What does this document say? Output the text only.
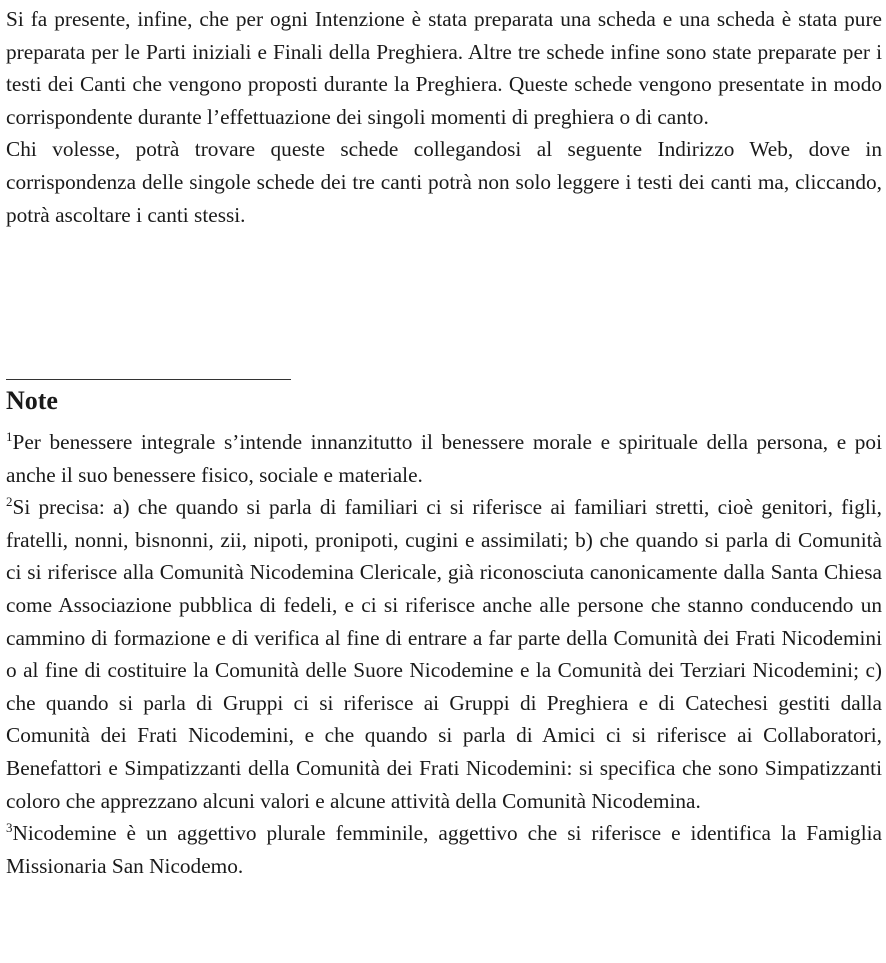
Si fa presente, infine, che per ogni Intenzione è stata preparata una scheda e una scheda è stata pure preparata per le Parti iniziali e Finali della Preghiera. Altre tre schede infine sono state preparate per i testi dei Canti che vengono proposti durante la Preghiera. Queste schede vengono presentate in modo corrispondente durante l’effettuazione dei singoli momenti di preghiera o di canto.

Chi volesse, potrà trovare queste schede collegandosi al seguente Indirizzo Web, dove in corrispondenza delle singole schede dei tre canti potrà non solo leggere i testi dei canti ma, cliccando, potrà ascoltare i canti stessi.

Note

$^1$Per benessere integrale s’intende innanzitutto il benessere morale e spirituale della persona, e poi anche il suo benessere fisico, sociale e materiale.

$^2$Si precisa: a) che quando si parla di familiari ci si riferisce ai familiari stretti, cioè genitori, figli, fratelli, nonni, bisnonni, zii, nipoti, pronipoti, cugini e assimilati; b) che quando si parla di Comunità ci si riferisce alla Comunità Nicodemina Clericale, già riconosciuta canonicamente dalla Santa Chiesa come Associazione pubblica di fedeli, e ci si riferisce anche alle persone che stanno conducendo un cammino di formazione e di verifica al fine di entrare a far parte della Comunità dei Frati Nicodemini o al fine di costituire la Comunità delle Suore Nicodemine e la Comunità dei Terziari Nicodemini; c) che quando si parla di Gruppi ci si riferisce ai Gruppi di Preghiera e di Catechesi gestiti dalla Comunità dei Frati Nicodemini, e che quando si parla di Amici ci si riferisce ai Collaboratori, Benefattori e Simpatizzanti della Comunità dei Frati Nicodemini: si specifica che sono Simpatizzanti coloro che apprezzano alcuni valori e alcune attività della Comunità Nicodemina.

$^3$Nicodemine è un aggettivo plurale femminile, aggettivo che si riferisce e identifica la Famiglia Missionaria San Nicodemo.
